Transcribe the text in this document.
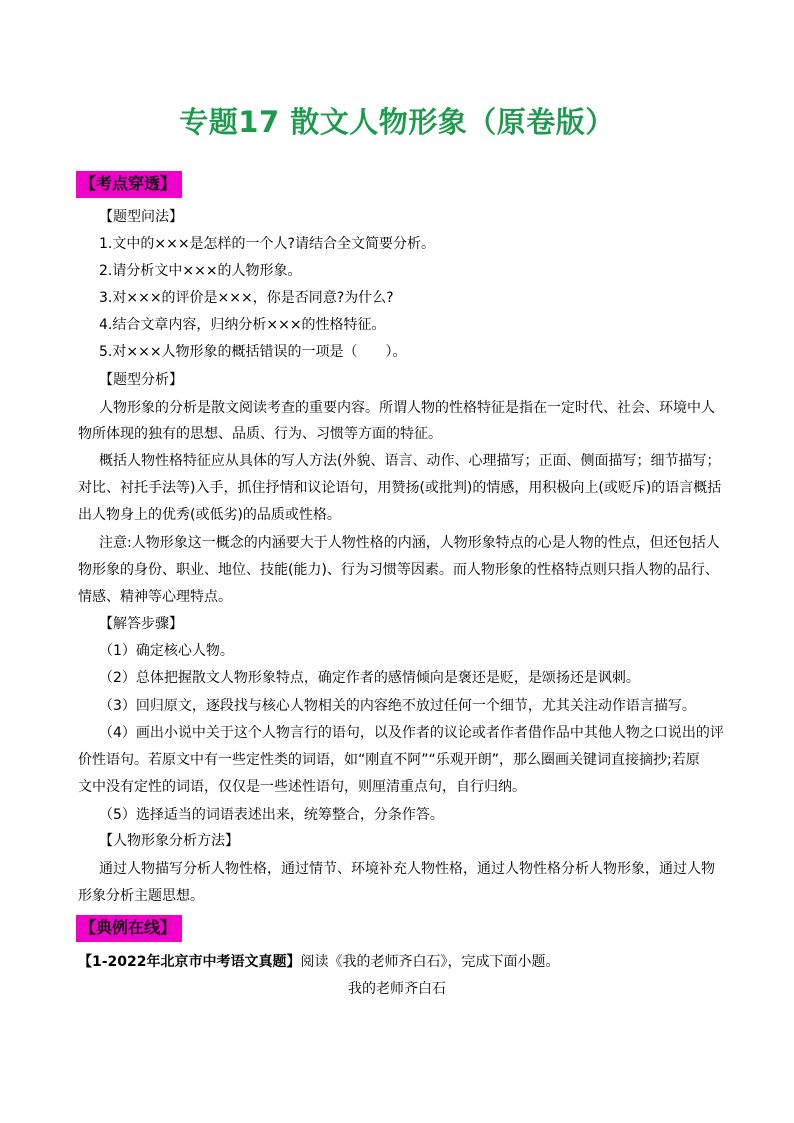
专题17 散文人物形象（原卷版）
【考点穿透】
【题型问法】
1.文中的×××是怎样的一个人?请结合全文简要分析。
2.请分析文中×××的人物形象。
3.对×××的评价是×××，你是否同意?为什么?
4.结合文章内容，归纳分析×××的性格特征。
5.对×××人物形象的概括错误的一项是（　　）。
【题型分析】
人物形象的分析是散文阅读考查的重要内容。所谓人物的性格特征是指在一定时代、社会、环境中人
物所体现的独有的思想、品质、行为、习惯等方面的特征。
概括人物性格特征应从具体的写人方法(外貌、语言、动作、心理描写；正面、侧面描写；细节描写；
对比、衬托手法等)入手，抓住抒情和议论语句，用赞扬(或批判)的情感，用积极向上(或贬斥)的语言概括
出人物身上的优秀(或低劣)的品质或性格。
注意:人物形象这一概念的内涵要大于人物性格的内涵，人物形象特点的心是人物的性点，但还包括人
物形象的身份、职业、地位、技能(能力)、行为习惯等因素。而人物形象的性格特点则只指人物的品行、
情感、精神等心理特点。
【解答步骤】
（1）确定核心人物。
（2）总体把握散文人物形象特点，确定作者的感情倾向是褒还是贬，是颂扬还是讽刺。
（3）回归原文，逐段找与核心人物相关的内容绝不放过任何一个细节，尤其关注动作语言描写。
（4）画出小说中关于这个人物言行的语句，以及作者的议论或者作者借作品中其他人物之口说出的评
价性语句。若原文中有一些定性类的词语，如“刚直不阿”“乐观开朗”，那么圈画关键词直接摘抄;若原
文中没有定性的词语，仅仅是一些述性语句，则厘清重点句，自行归纳。
（5）选择适当的词语表述出来，统筹整合，分条作答。
【人物形象分析方法】
通过人物描写分析人物性格，通过情节、环境补充人物性格，通过人物性格分析人物形象，通过人物
形象分析主题思想。
【典例在线】
【1-2022年北京市中考语文真题】阅读《我的老师齐白石》，完成下面小题。
我的老师齐白石
